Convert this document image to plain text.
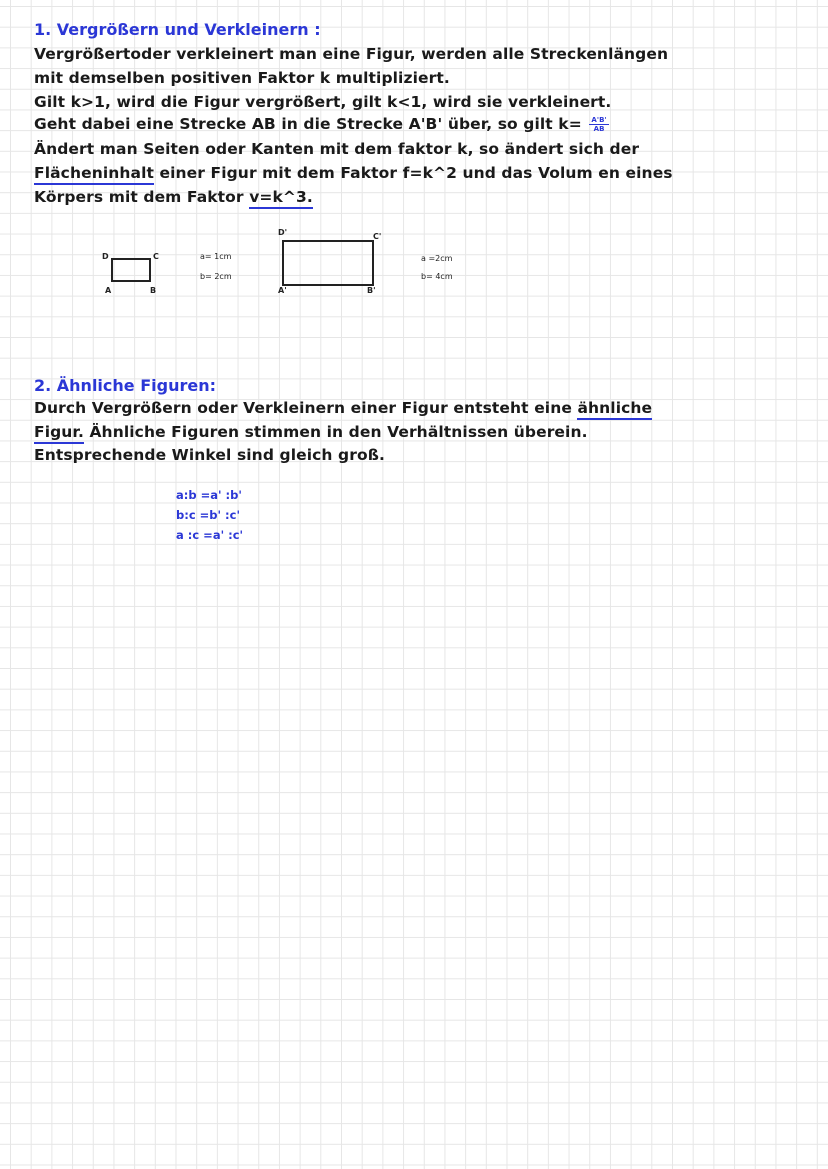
1. Vergrößern und Verkleinern :
Vergrößertoder verkleinert man eine Figur, werden alle Streckenlängen
mit demselben positiven Faktor k multipliziert.
Gilt k>1, wird die Figur vergrößert, gilt k<1, wird sie verkleinert.
Geht dabei eine Strecke AB in die Strecke A'B' über, so gilt $k= \frac{A'B'}{AB}$
Ändert man Seiten oder Kanten mit dem faktor k, so ändert sich der
Flächeninhalt einer Figur mit dem Faktor f=k^2 und das Volum en eines
Körpers mit dem Faktor v=k^3.
D	C
A	B
a= 1cm
b= 2cm
D'	C'
A'	B'
a =2cm
b= 4cm
2. Ähnliche Figuren:
Durch Vergrößern oder Verkleinern einer Figur entsteht eine ähnliche
Figur. Ähnliche Figuren stimmen in den Verhältnissen überein.
Entsprechende Winkel sind gleich groß.
a:b =a' :b'
b:c =b' :c'
a :c =a' :c'
